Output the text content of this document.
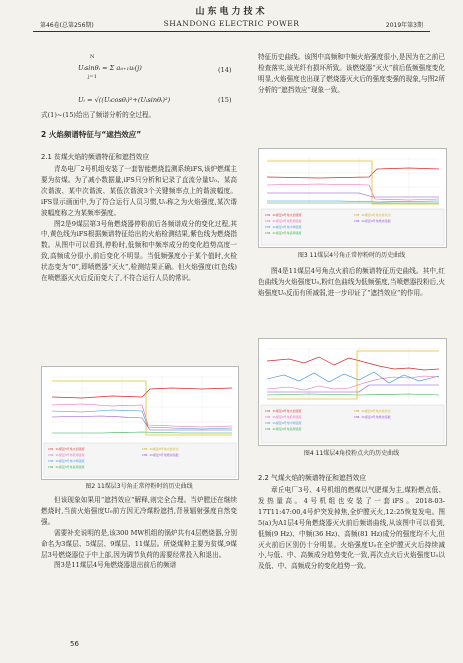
山东电力技术
第46卷(总第256期)	SHANDONG ELECTRIC POWER	2019年第3期
N
Uᵢsinθᵢ = Σ aᵢᵢ₊₁uᵢ(j)
j=1
(14)
Uᵢ = √((Uᵢcosθᵢ)²+(Uᵢsinθᵢ)²)	(15)

式(1)~(15)给出了频谱分析的全过程。

2 火焰频谱特征与“遮挡效应”
2.1 贫煤火焰的频谱特征和遮挡效应

青岛电厂2号机组安装了一套智能燃烧监测系统iFS,该炉燃煤主要为贫煤。为了减小数据量,iFS只分析和记录了直流分量U₀、某高次谐波、某中次谐波、某低次谐波3个关键频率点上的谐波幅度。iFS显示画面中,为了符合运行人员习惯,U₀称之为火焰强度,某次谐波幅度称之为某频率强度。

图2是9煤层第3号角燃烧器停粉前后各频谱成分的变化过程,其中,黄色线为iFS根据频谱特征给出的火焰检测结果,紫色线为燃烧指数。从图中可以看到,停粉时,低频和中频率成分的变化趋势高度一致,高频成分很小,前后变化不明显。当低频强度小于某个值时,火检状态变为“0”,即喷燃器“灭火”,检测结果正确。但火焰强度(红色线)在喷燃器灭火后反而变大了,不符合运行人员的常识。

CH1 11煤层3号角火焰强度
CH2 11煤层3号角低频强度
CH3 11煤层3号角中频强度
CH4 11煤层3号角高频强度
CH5 11煤层3号角火检状态
CH6 11煤层3号角燃烧指数
图2 11煤层3号角正常停粉时的历史曲线

但该现象如果用“遮挡效应”解释,则完全合理。当炉膛还在继续燃烧时,当前火焰强度U₀前方因无冷煤粉遮挡,背景辐射强度自然变强。

需要补充说明的是,该300 MW机组的锅炉共有4层燃烧器,分别命名为3煤层、5煤层、9煤层、11煤层。所烧煤种主要为贫煤,9煤层3号燃烧器位于中上部,因为调节负荷的需要经常投入和退出。

图3是11煤层4号角燃烧器退出前后的频谱

特征历史曲线。该图中高频和中频火焰强度很小,是因为在之前已检查落实,该光纤有损坏所致。该燃烧器“灭火”前后低频强度变化明显,火焰强度也出现了燃烧器灭火后的强度变强的现象,与图2所分析的“遮挡效应”现象一致。

CH1 11煤层4号角火焰强度
CH2 11煤层4号角低频强度
CH3 11煤层4号角中频强度
CH4 11煤层4号角高频强度
CH5 11煤层4号角火检状态
CH6 11煤层4号角燃烧指数
图3 11煤层4号角正常停粉时的历史曲线

图4是11煤层4号角点火前后的频谱特征历史曲线。其中,红色曲线为火焰强度U₀,粉红色曲线为低频强度,当喷燃器投粉后,火焰强度U₀反而有所减弱,进一步印证了“遮挡效应”的作用。

CH1 11煤层4号角火焰强度
CH2 11煤层4号角低频强度
CH3 11煤层4号角中频强度
CH4 11煤层4号角高频强度
CH5 11煤层4号角火检状态
CH6 11煤层4号角燃烧指数
图4 11煤层4角投粉点火的历史曲线
2.2 气煤火焰的频谱特征和遮挡效应

章丘电厂3号、4号机组的燃煤以气肥煤为主,煤粉燃点低、发热量高。4号机组也安装了一套iFS。2018-03-17T11:47:00,4号炉突发掉焦,全炉膛灭火,12:25恢复发电。图5(a)为A1层4号角燃烧器灭火前后频谱曲线,从该图中可以看到,低频(9 Hz)、中频(36 Hz)、高频(81 Hz)成分的强度均不大,但灭火前后区别仍十分明显。火焰强度U₀在全炉膛灭火后持续减小,与低、中、高频成分趋势变化一致,再次点火后火焰强度U₀以及低、中、高频成分的变化趋势一致。

56
